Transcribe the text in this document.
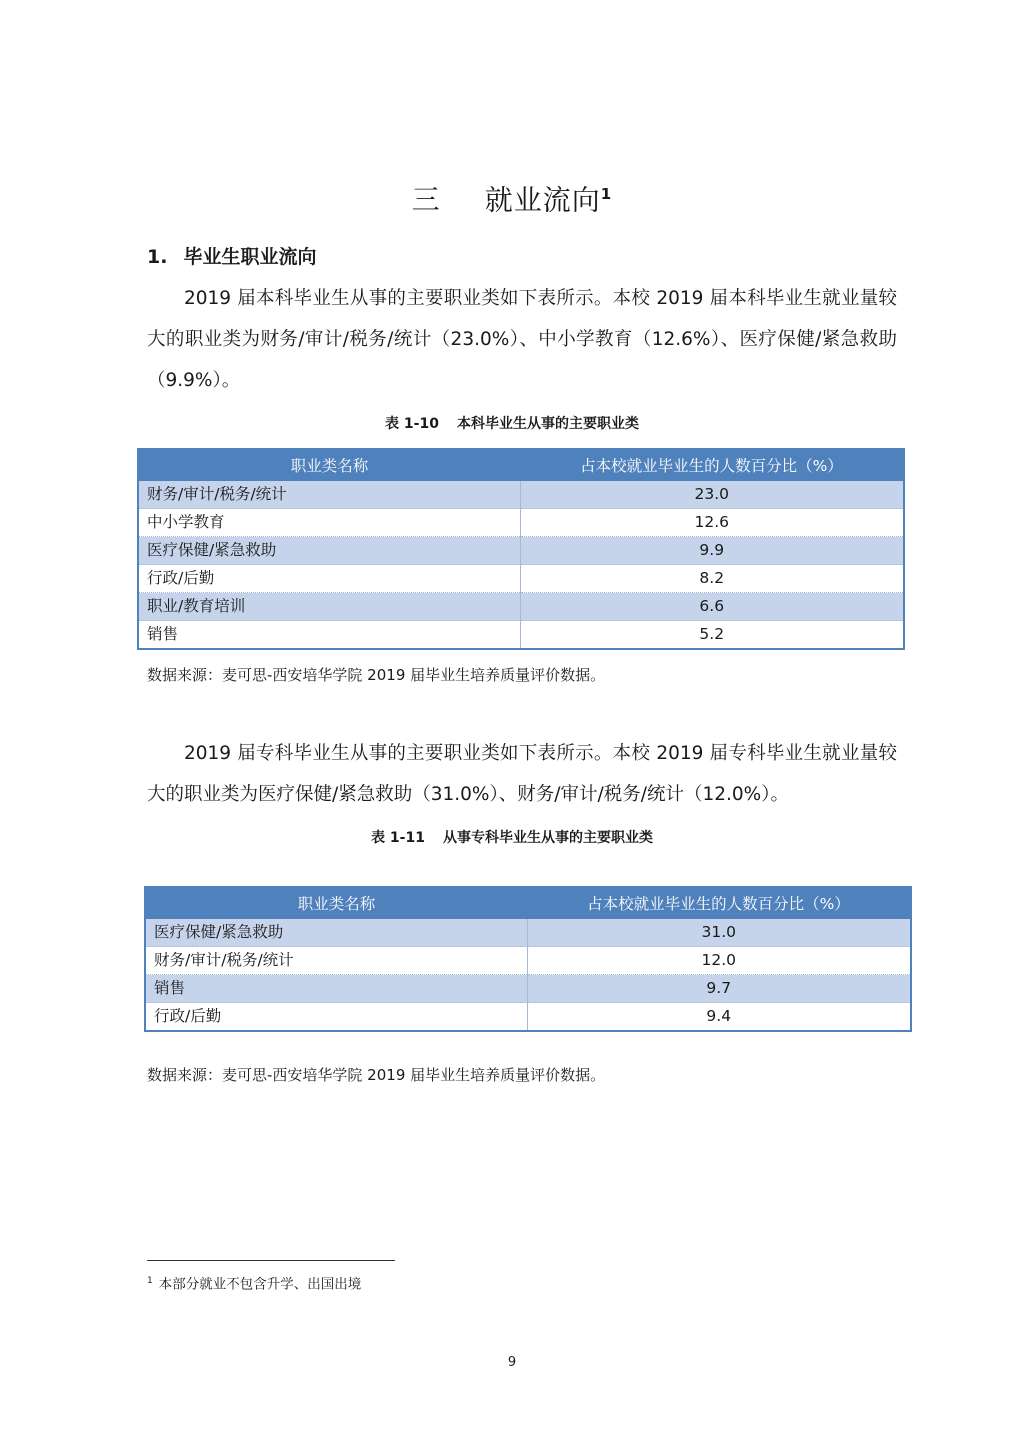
三 就业流向$^1$
1. 毕业生职业流向

2019 届本科毕业生从事的主要职业类如下表所示。本校 2019 届本科毕业生就业量较大的职业类为财务/审计/税务/统计（23.0%）、中小学教育（12.6%）、医疗保健/紧急救助（9.9%）。

表 1-10 本科毕业生从事的主要职业类
职业类名称	占本校就业毕业生的人数百分比（%）
财务/审计/税务/统计	23.0
中小学教育	12.6
医疗保健/紧急救助	9.9
行政/后勤	8.2
职业/教育培训	6.6
销售	5.2
数据来源：麦可思-西安培华学院 2019 届毕业生培养质量评价数据。

2019 届专科毕业生从事的主要职业类如下表所示。本校 2019 届专科毕业生就业量较大的职业类为医疗保健/紧急救助（31.0%）、财务/审计/税务/统计（12.0%）。

表 1-11 从事专科毕业生从事的主要职业类
职业类名称	占本校就业毕业生的人数百分比（%）
医疗保健/紧急救助	31.0
财务/审计/税务/统计	12.0
销售	9.7
行政/后勤	9.4
数据来源：麦可思-西安培华学院 2019 届毕业生培养质量评价数据。
$^1$ 本部分就业不包含升学、出国出境
9
